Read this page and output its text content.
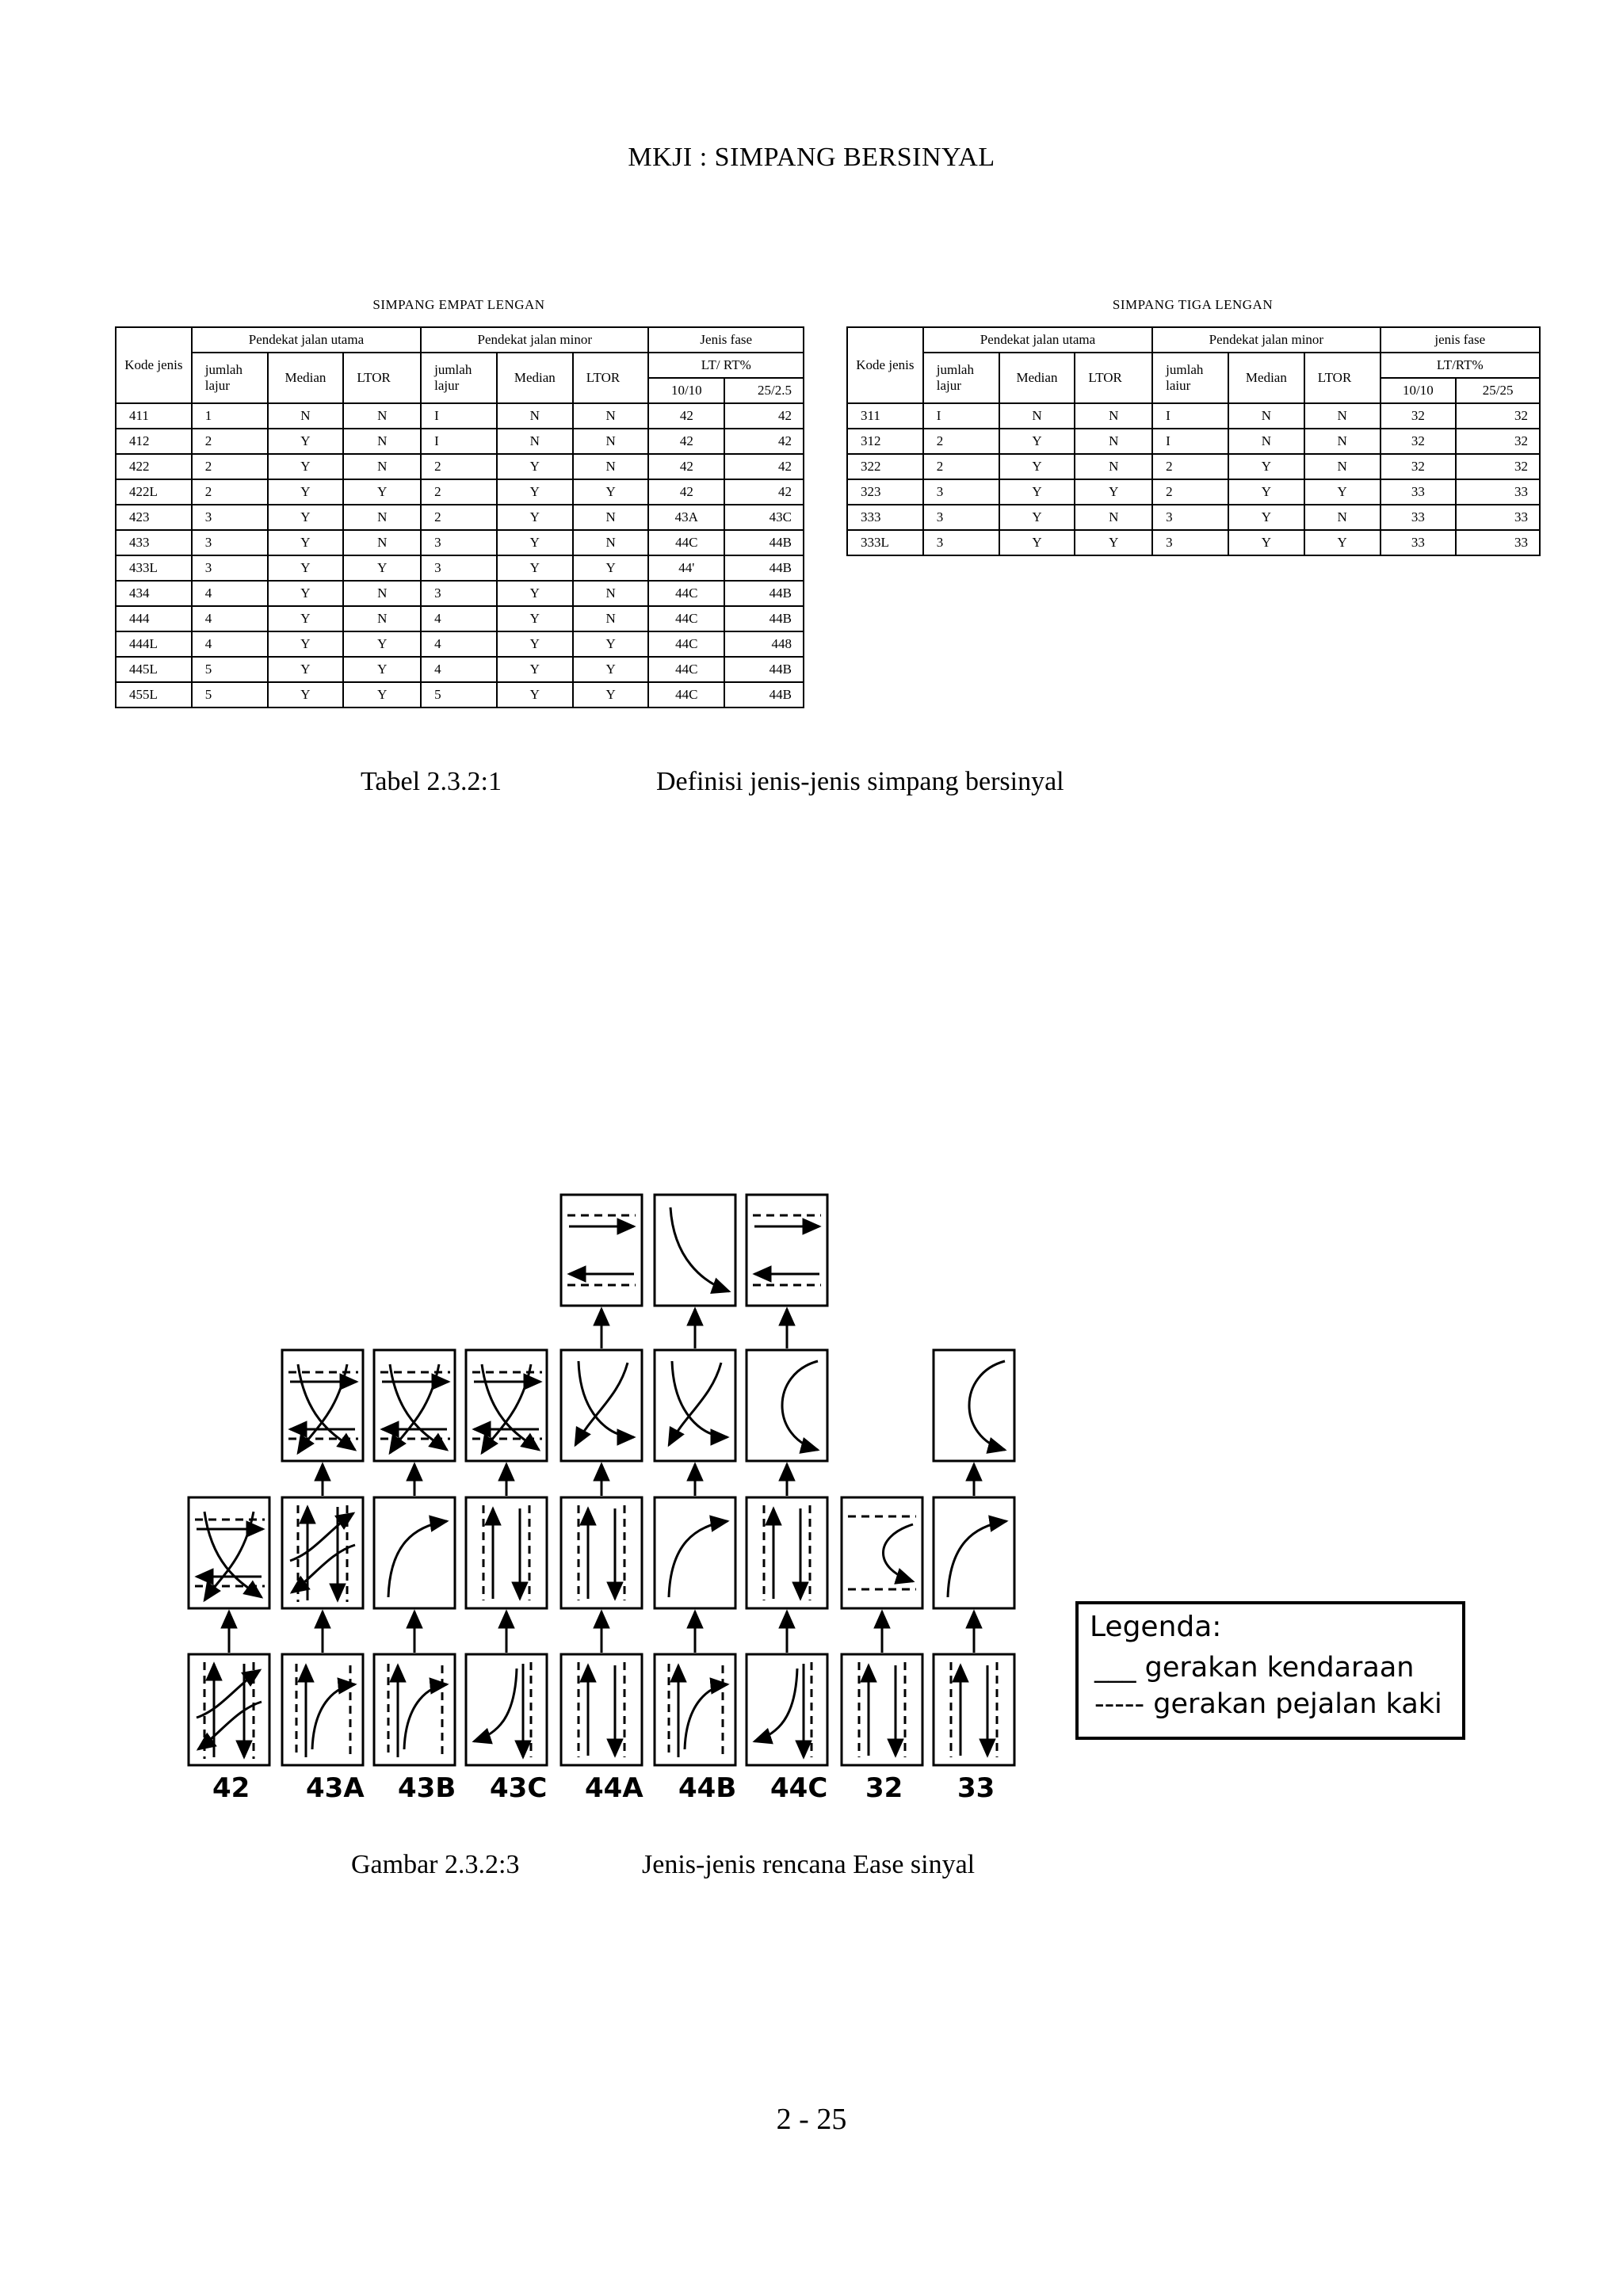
MKJI : SIMPANG BERSINYAL
SIMPANG EMPAT LENGAN
Kode jenis	Pendekat jalan utama			Pendekat jalan minor			Jenis fase	
	jumlah lajur	Median	LTOR	jumlah lajur	Median	LTOR	LT/ RT%	
							10/10	25/2.5
411	1	N	N	I	N	N	42	42
412	2	Y	N	I	N	N	42	42
422	2	Y	N	2	Y	N	42	42
422L	2	Y	Y	2	Y	Y	42	42
423	3	Y	N	2	Y	N	43A	43C
433	3	Y	N	3	Y	N	44C	44B
433L	3	Y	Y	3	Y	Y	44'	44B
434	4	Y	N	3	Y	N	44C	44B
444	4	Y	N	4	Y	N	44C	44B
444L	4	Y	Y	4	Y	Y	44C	448
445L	5	Y	Y	4	Y	Y	44C	44B
455L	5	Y	Y	5	Y	Y	44C	44B
SIMPANG TIGA LENGAN
Kode jenis	Pendekat jalan utama			Pendekat jalan minor			jenis fase	
	jumlah lajur	Median	LTOR	jumlah laiur	Median	LTOR	LT/RT%	
							10/10	25/25
311	I	N	N	I	N	N	32	32
312	2	Y	N	I	N	N	32	32
322	2	Y	N	2	Y	N	32	32
323	3	Y	Y	2	Y	Y	33	33
333	3	Y	N	3	Y	N	33	33
333L	3	Y	Y	3	Y	Y	33	33
Tabel 2.3.2:1	Definisi jenis-jenis simpang bersinyal
42 43A 43B 43C 44A 44B 44C 32 33
Legenda:
___ gerakan kendaraan
----- gerakan pejalan kaki
Gambar 2.3.2:3	Jenis-jenis rencana Ease sinyal
2 - 25
